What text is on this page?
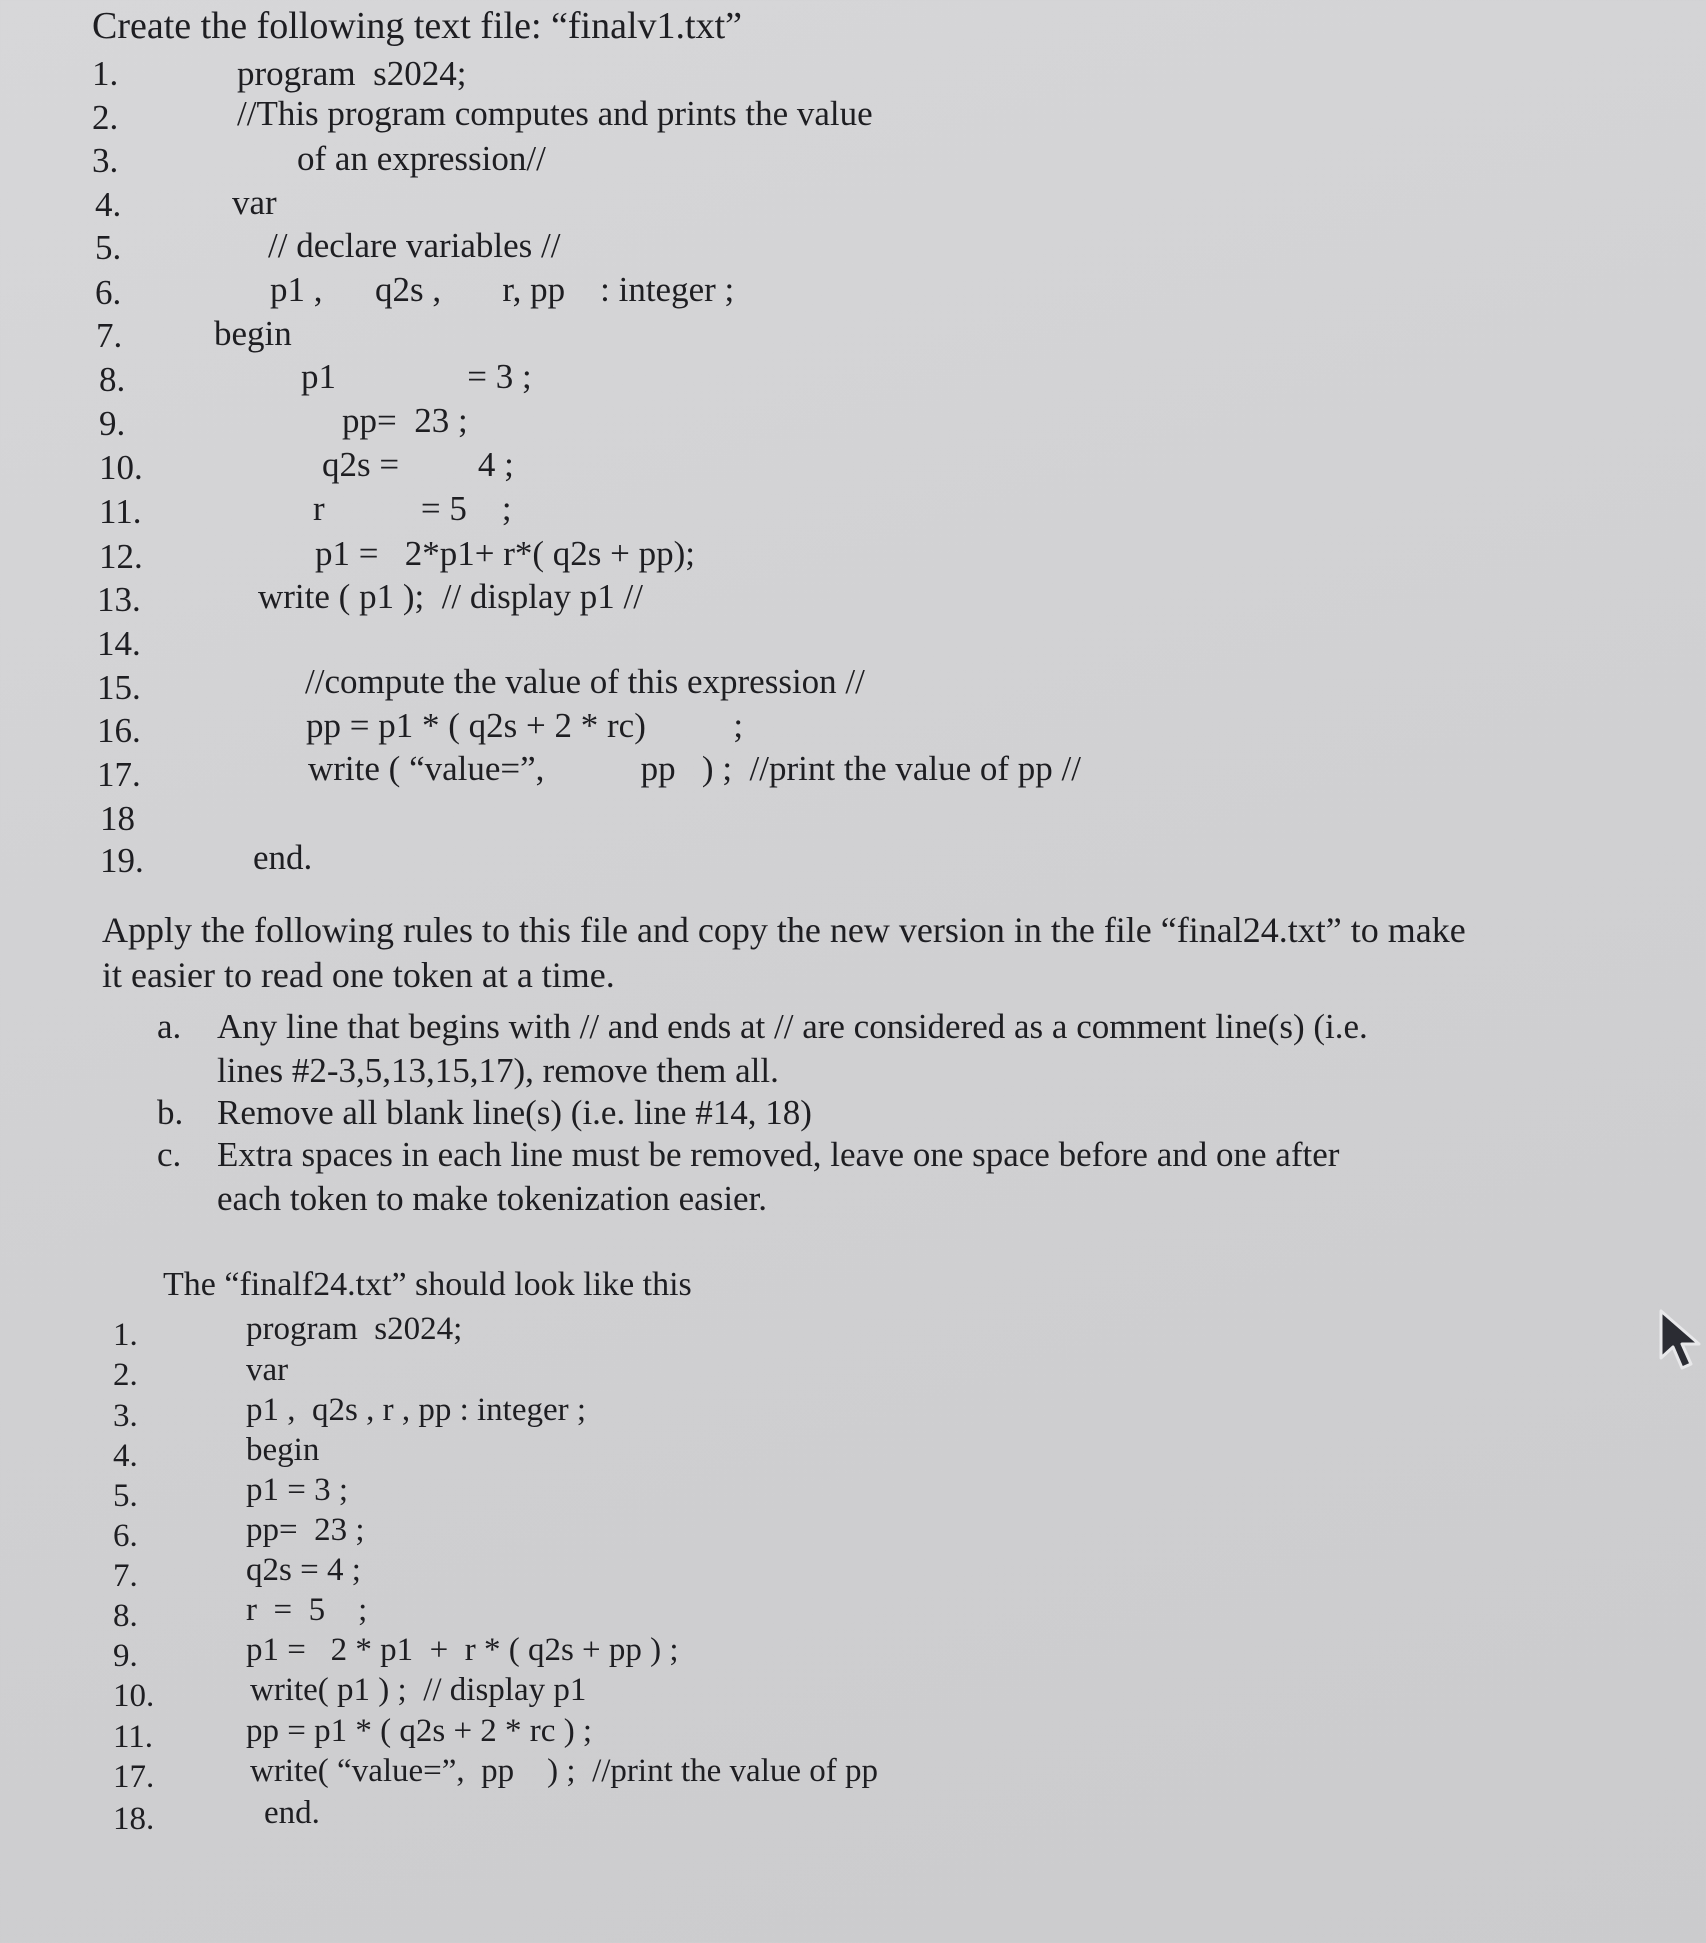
Create the following text file: “finalv1.txt”
1.	program  s2024;
2.	//This program computes and prints the value
3.	of an expression//
4.	var
5.	// declare variables //
6.	p1 ,      q2s ,       r, pp    : integer ;
7.	begin
8.	p1               = 3 ;
9.	pp=  23 ;
10.	q2s =         4 ;
11.	r           = 5    ;
12.	p1 =   2*p1+ r*( q2s + pp);
13.	write ( p1 );  // display p1 //
14.
15.	//compute the value of this expression //
16.	pp = p1 * ( q2s + 2 * rc)          ;
17.	write ( “value=”,           pp   ) ;  //print the value of pp //
18
19.	end.
Apply the following rules to this file and copy the new version in the file “final24.txt” to make it easier to read one token at a time.
a. Any line that begins with // and ends at // are considered as a comment line(s) (i.e. lines #2-3,5,13,15,17), remove them all.
b. Remove all blank line(s) (i.e. line #14, 18)
c. Extra spaces in each line must be removed, leave one space before and one after each token to make tokenization easier.
The “finalf24.txt” should look like this
1.	program  s2024;
2.	var
3.	p1 ,  q2s , r , pp : integer ;
4.	begin
5.	p1 = 3 ;
6.	pp=  23 ;
7.	q2s = 4 ;
8.	r  =  5    ;
9.	p1 =   2 * p1  +  r * ( q2s + pp ) ;
10.	write( p1 ) ;  // display p1
11.	pp = p1 * ( q2s + 2 * rc ) ;
17.	write( “value=”,  pp    ) ;  //print the value of pp
18.	end.
